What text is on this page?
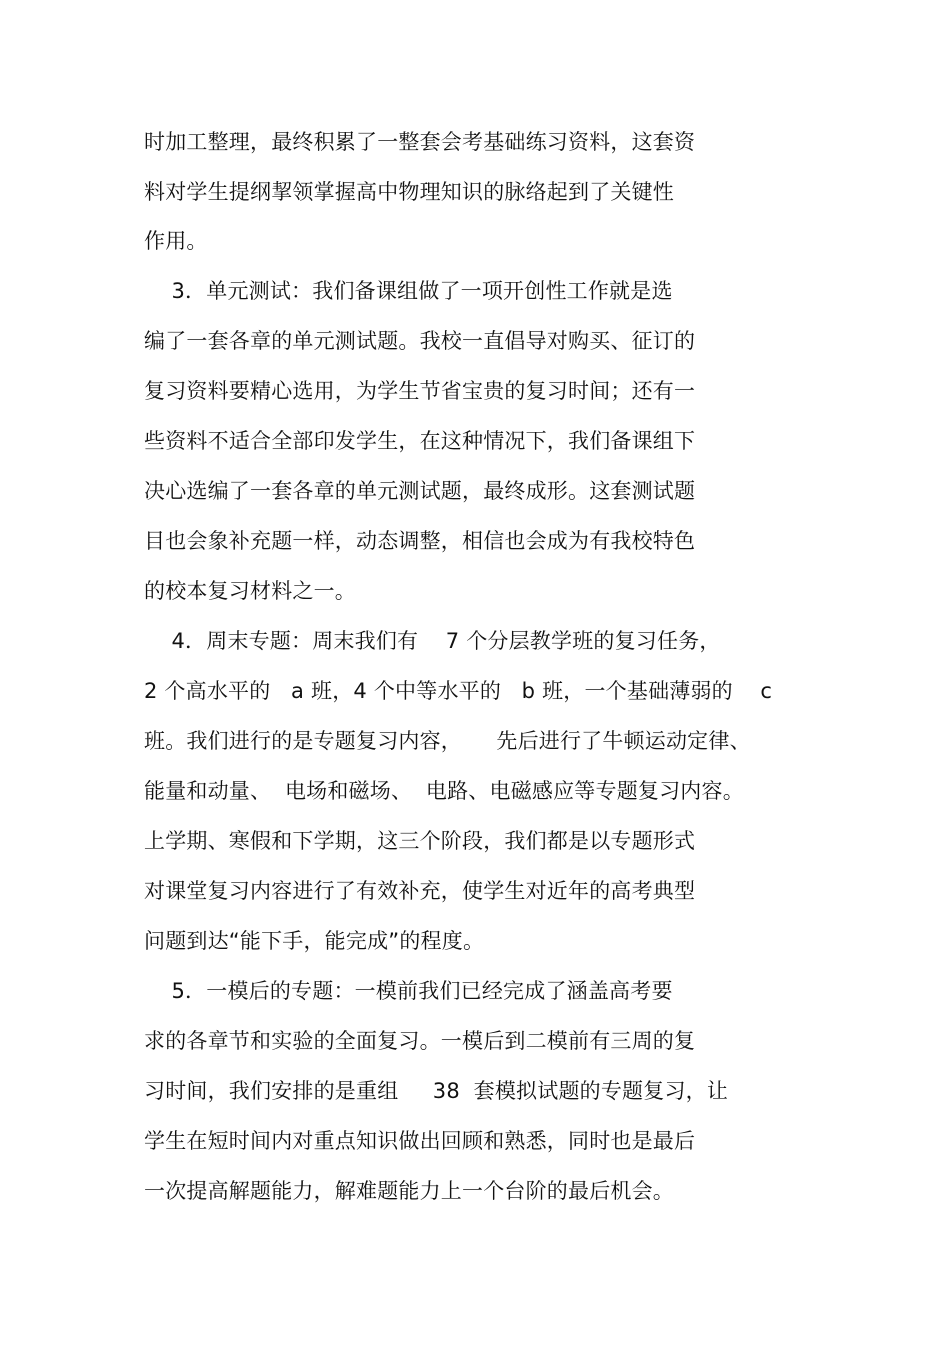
时加工整理，最终积累了一整套会考基础练习资料，这套资
料对学生提纲挈领掌握高中物理知识的脉络起到了关键性
作用。
3．单元测试：我们备课组做了一项开创性工作就是选
编了一套各章的单元测试题。我校一直倡导对购买、征订的
复习资料要精心选用，为学生节省宝贵的复习时间；还有一
些资料不适合全部印发学生，在这种情况下，我们备课组下
决心选编了一套各章的单元测试题，最终成形。这套测试题
目也会象补充题一样，动态调整，相信也会成为有我校特色
的校本复习材料之一。
4．周末专题：周末我们有    7 个分层教学班的复习任务，
2 个高水平的   a 班，4 个中等水平的   b 班，一个基础薄弱的    c
班。我们进行的是专题复习内容，     先后进行了牛顿运动定律、
能量和动量、  电场和磁场、  电路、电磁感应等专题复习内容。
上学期、寒假和下学期，这三个阶段，我们都是以专题形式
对课堂复习内容进行了有效补充，使学生对近年的高考典型
问题到达“能下手，能完成”的程度。
5．一模后的专题：一模前我们已经完成了涵盖高考要
求的各章节和实验的全面复习。一模后到二模前有三周的复
习时间，我们安排的是重组     38  套模拟试题的专题复习，让
学生在短时间内对重点知识做出回顾和熟悉，同时也是最后
一次提高解题能力，解难题能力上一个台阶的最后机会。
